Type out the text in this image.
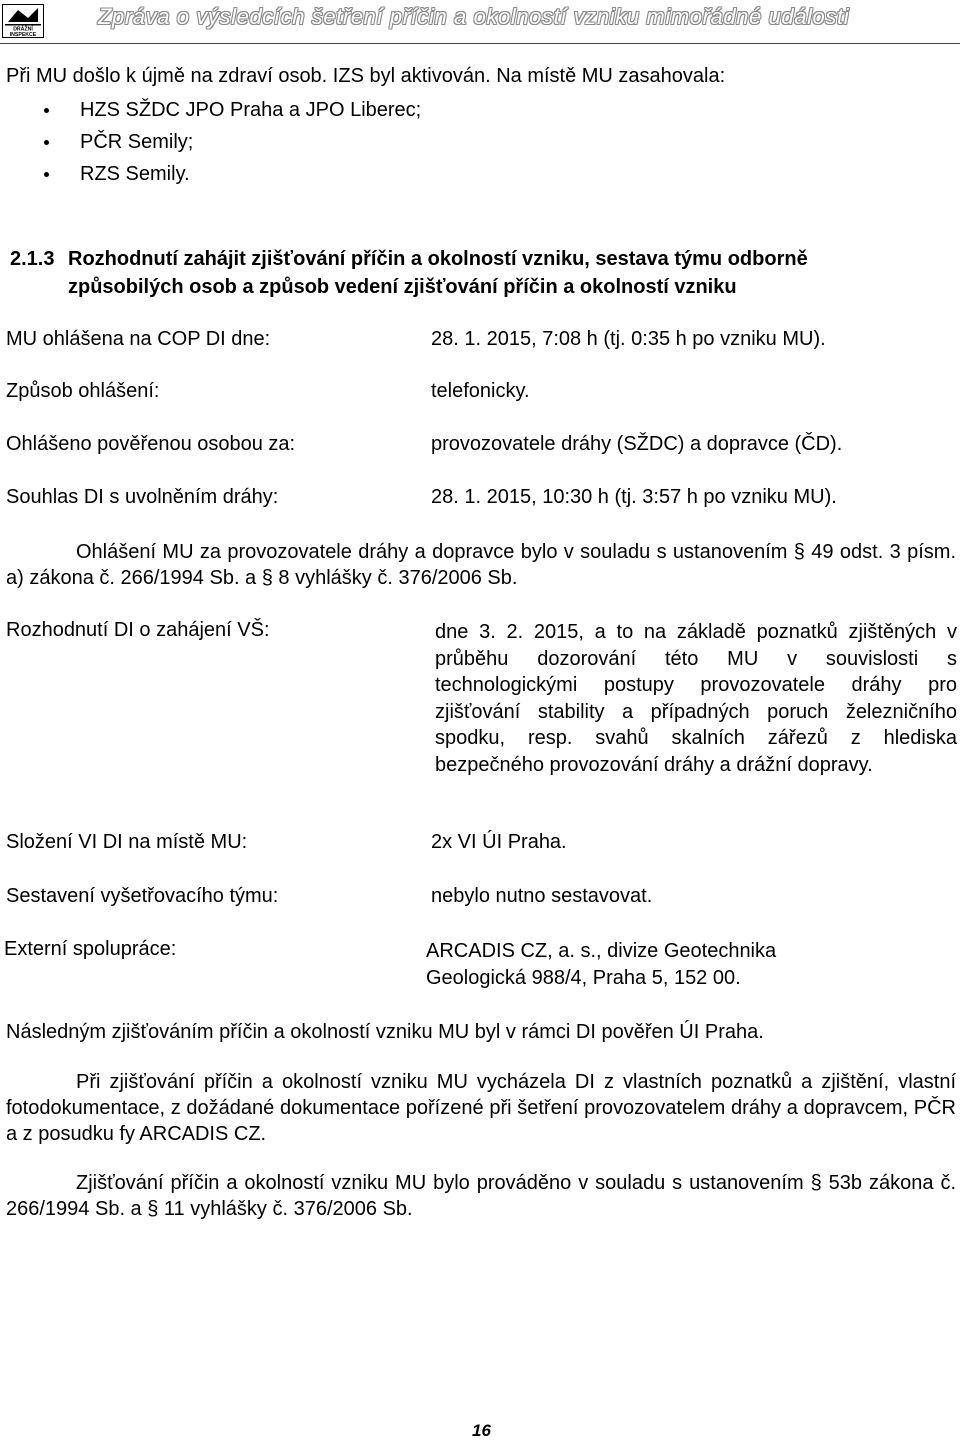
DRÁŽNÍ
INSPEKCE
Zpráva o výsledcích šetření příčin a okolností vzniku mimořádné události
Při MU došlo k újmě na zdraví osob. IZS byl aktivován. Na místě MU zasahovala:
HZS SŽDC JPO Praha a JPO Liberec;
PČR Semily;
RZS Semily.
2.1.3 Rozhodnutí zahájit zjišťování příčin a okolností vzniku, sestava týmu odborně
způsobilých osob a způsob vedení zjišťování příčin a okolností vzniku
MU ohlášena na COP DI dne:	28. 1. 2015, 7:08 h (tj. 0:35 h po vzniku MU).
Způsob ohlášení:	telefonicky.
Ohlášeno pověřenou osobou za:	provozovatele dráhy (SŽDC) a dopravce (ČD).
Souhlas DI s uvolněním dráhy:	28. 1. 2015, 10:30 h (tj. 3:57 h po vzniku MU).
Ohlášení MU za provozovatele dráhy a dopravce bylo v souladu s ustanovením § 49 odst. 3 písm. a) zákona č. 266/1994 Sb. a § 8 vyhlášky č. 376/2006 Sb.
Rozhodnutí DI o zahájení VŠ:	dne 3. 2. 2015, a to na základě poznatků zjištěných v průběhu dozorování této MU v souvislosti s technologickými postupy provozovatele dráhy pro zjišťování stability a případných poruch železničního spodku, resp. svahů skalních zářezů z hlediska bezpečného provozování dráhy a drážní dopravy.
Složení VI DI na místě MU:	2x VI ÚI Praha.
Sestavení vyšetřovacího týmu:	nebylo nutno sestavovat.
Externí spolupráce:	ARCADIS CZ, a. s., divize Geotechnika
Geologická 988/4, Praha 5, 152 00.
Následným zjišťováním příčin a okolností vzniku MU byl v rámci DI pověřen ÚI Praha.
Při zjišťování příčin a okolností vzniku MU vycházela DI z vlastních poznatků a zjištění, vlastní fotodokumentace, z dožádané dokumentace pořízené při šetření provozovatelem dráhy a dopravcem, PČR a z posudku fy ARCADIS CZ.
Zjišťování příčin a okolností vzniku MU bylo prováděno v souladu s ustanovením § 53b zákona č. 266/1994 Sb. a § 11 vyhlášky č. 376/2006 Sb.
16
